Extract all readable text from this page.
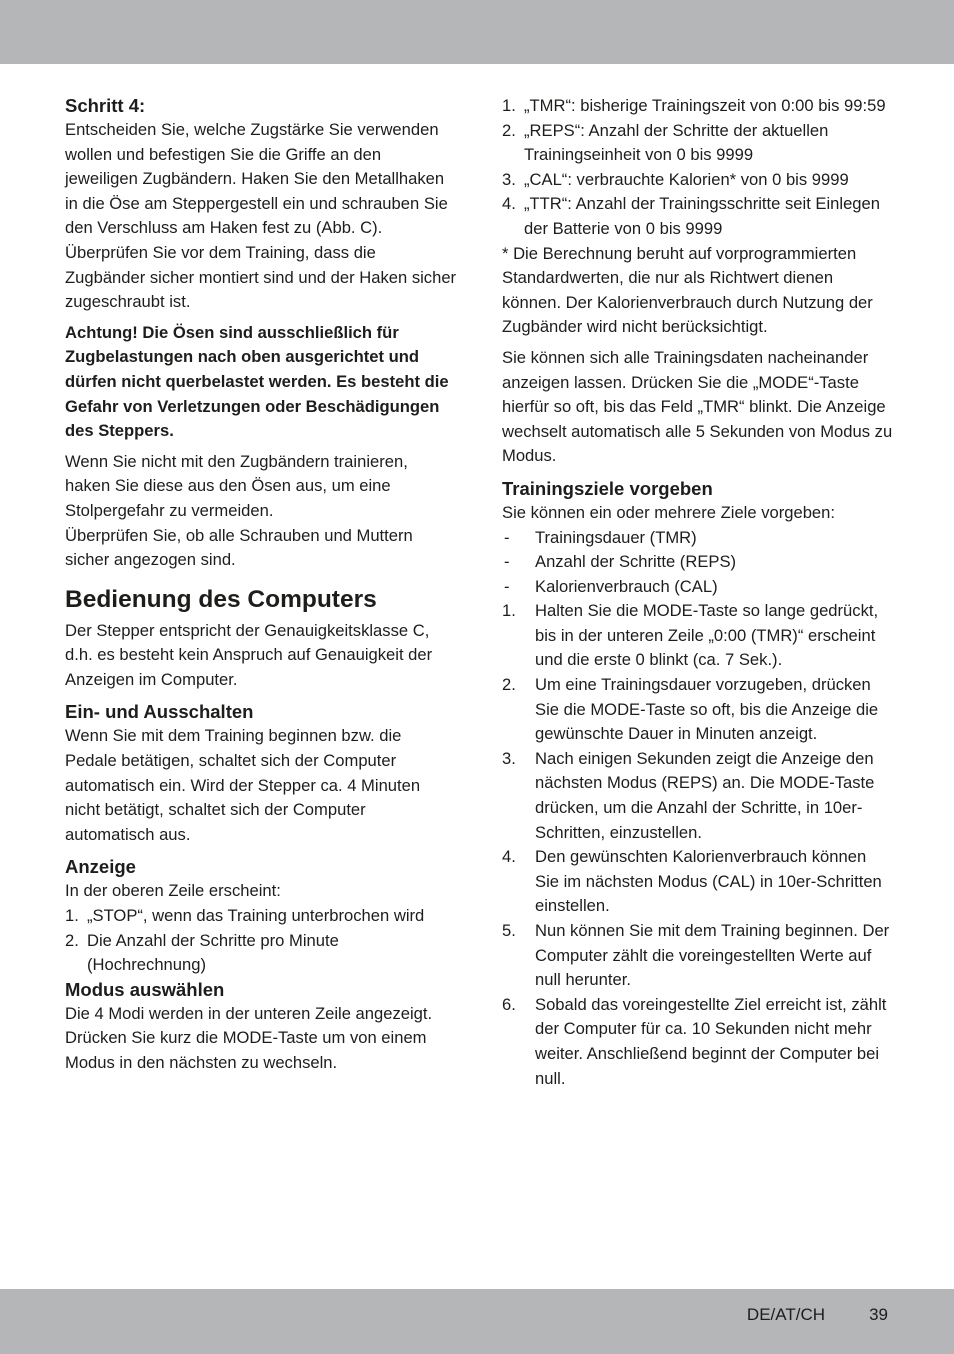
Schritt 4:

Entscheiden Sie, welche Zugstärke Sie verwenden wollen und befestigen Sie die Griffe an den jeweiligen Zugbändern. Haken Sie den Metallhaken in die Öse am Steppergestell ein und schrauben Sie den Verschluss am Haken fest zu (Abb. C). Überprüfen Sie vor dem Training, dass die Zugbänder sicher montiert sind und der Haken sicher zugeschraubt ist.

Achtung! Die Ösen sind ausschließlich für Zugbelastungen nach oben ausgerichtet und dürfen nicht querbelastet werden. Es besteht die Gefahr von Verletzungen oder Beschädigungen des Steppers.

Wenn Sie nicht mit den Zugbändern trainieren, haken Sie diese aus den Ösen aus, um eine Stolpergefahr zu vermeiden.

Überprüfen Sie, ob alle Schrauben und Muttern sicher angezogen sind.

Bedienung des Computers

Der Stepper entspricht der Genauigkeitsklasse C, d.h. es besteht kein Anspruch auf Genauigkeit der Anzeigen im Computer.

Ein- und Ausschalten

Wenn Sie mit dem Training beginnen bzw. die Pedale betätigen, schaltet sich der Computer automatisch ein. Wird der Stepper ca. 4 Minuten nicht betätigt, schaltet sich der Computer automatisch aus.

Anzeige

In der oberen Zeile erscheint:

1. „STOP“, wenn das Training unterbrochen wird
2. Die Anzahl der Schritte pro Minute (Hochrechnung)
Modus auswählen

Die 4 Modi werden in der unteren Zeile angezeigt. Drücken Sie kurz die MODE-Taste um von einem Modus in den nächsten zu wechseln.

1. „TMR“: bisherige Trainingszeit von 0:00 bis 99:59
2. „REPS“: Anzahl der Schritte der aktuellen Trainingseinheit von 0 bis 9999
3. „CAL“: verbrauchte Kalorien* von 0 bis 9999
4. „TTR“: Anzahl der Trainingsschritte seit Einlegen der Batterie von 0 bis 9999

* Die Berechnung beruht auf vorprogrammierten Standardwerten, die nur als Richtwert dienen können. Der Kalorienverbrauch durch Nutzung der Zugbänder wird nicht berücksichtigt.

Sie können sich alle Trainingsdaten nacheinander anzeigen lassen. Drücken Sie die „MODE“-Taste hierfür so oft, bis das Feld „TMR“ blinkt. Die Anzeige wechselt automatisch alle 5 Sekunden von Modus zu Modus.

Trainingsziele vorgeben

Sie können ein oder mehrere Ziele vorgeben:

- Trainingsdauer (TMR)
- Anzahl der Schritte (REPS)
- Kalorienverbrauch (CAL)
1. Halten Sie die MODE-Taste so lange gedrückt, bis in der unteren Zeile „0:00 (TMR)“ erscheint und die erste 0 blinkt (ca. 7 Sek.).
2. Um eine Trainingsdauer vorzugeben, drücken Sie die MODE-Taste so oft, bis die Anzeige die gewünschte Dauer in Minuten anzeigt.
3. Nach einigen Sekunden zeigt die Anzeige den nächsten Modus (REPS) an. Die MODE-Taste drücken, um die Anzahl der Schritte, in 10er-Schritten, einzustellen.
4. Den gewünschten Kalorienverbrauch können Sie im nächsten Modus (CAL) in 10er-Schritten einstellen.
5. Nun können Sie mit dem Training beginnen. Der Computer zählt die voreingestellten Werte auf null herunter.
6. Sobald das voreingestellte Ziel erreicht ist, zählt der Computer für ca. 10 Sekunden nicht mehr weiter. Anschließend beginnt der Computer bei null.
DE/AT/CH	39
